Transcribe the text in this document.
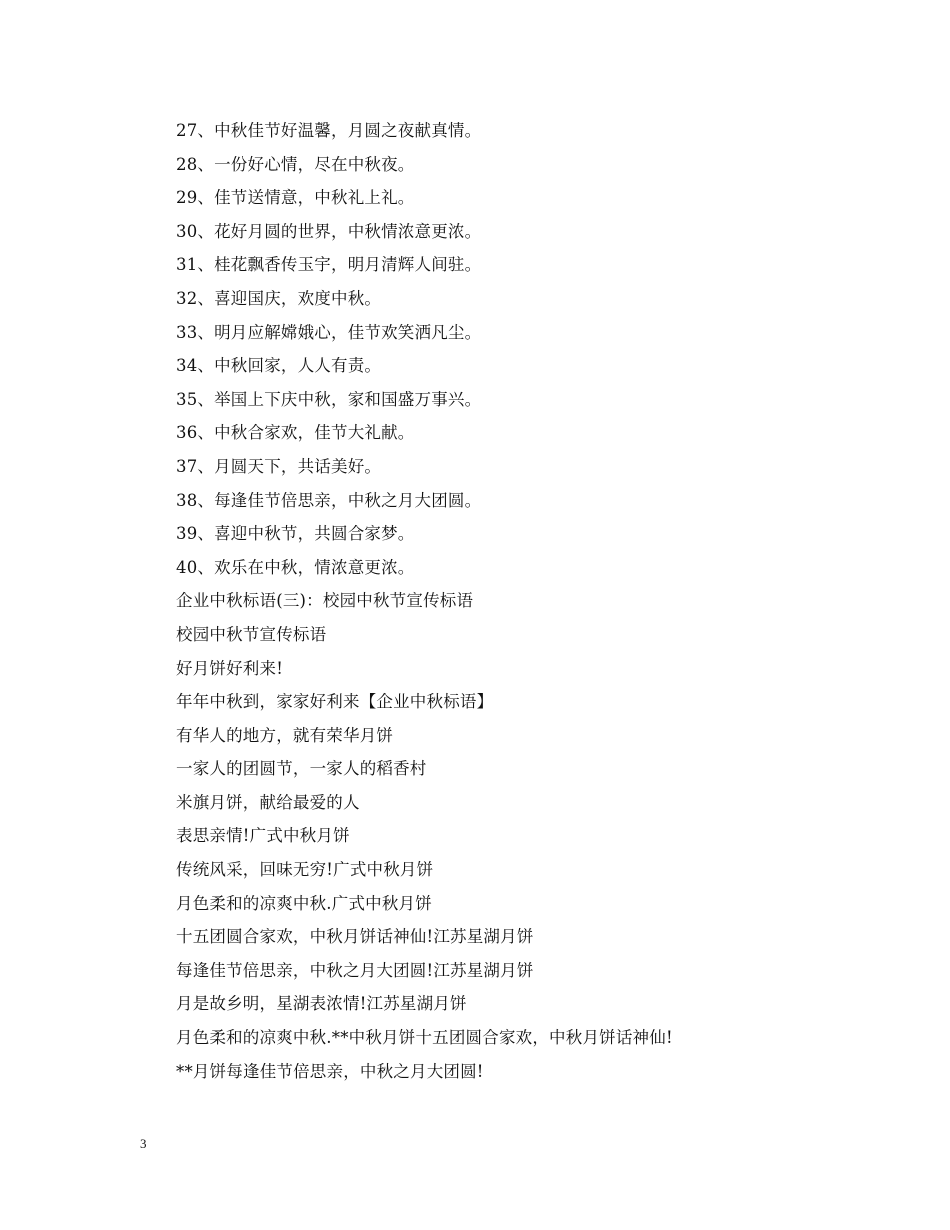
27、中秋佳节好温馨，月圆之夜献真情。
28、一份好心情，尽在中秋夜。
29、佳节送情意，中秋礼上礼。
30、花好月圆的世界，中秋情浓意更浓。
31、桂花飘香传玉宇，明月清辉人间驻。
32、喜迎国庆，欢度中秋。
33、明月应解嫦娥心，佳节欢笑洒凡尘。
34、中秋回家，人人有责。
35、举国上下庆中秋，家和国盛万事兴。
36、中秋合家欢，佳节大礼献。
37、月圆天下，共话美好。
38、每逢佳节倍思亲，中秋之月大团圆。
39、喜迎中秋节，共圆合家梦。
40、欢乐在中秋，情浓意更浓。
企业中秋标语(三)：校园中秋节宣传标语
校园中秋节宣传标语
好月饼好利来!
年年中秋到，家家好利来【企业中秋标语】
有华人的地方，就有荣华月饼
一家人的团圆节，一家人的稻香村
米旗月饼，献给最爱的人
表思亲情!广式中秋月饼
传统风采，回味无穷!广式中秋月饼
月色柔和的凉爽中秋.广式中秋月饼
十五团圆合家欢，中秋月饼话神仙!江苏星湖月饼
每逢佳节倍思亲，中秋之月大团圆!江苏星湖月饼
月是故乡明，星湖表浓情!江苏星湖月饼
月色柔和的凉爽中秋.**中秋月饼十五团圆合家欢，中秋月饼话神仙!
**月饼每逢佳节倍思亲，中秋之月大团圆!
3
